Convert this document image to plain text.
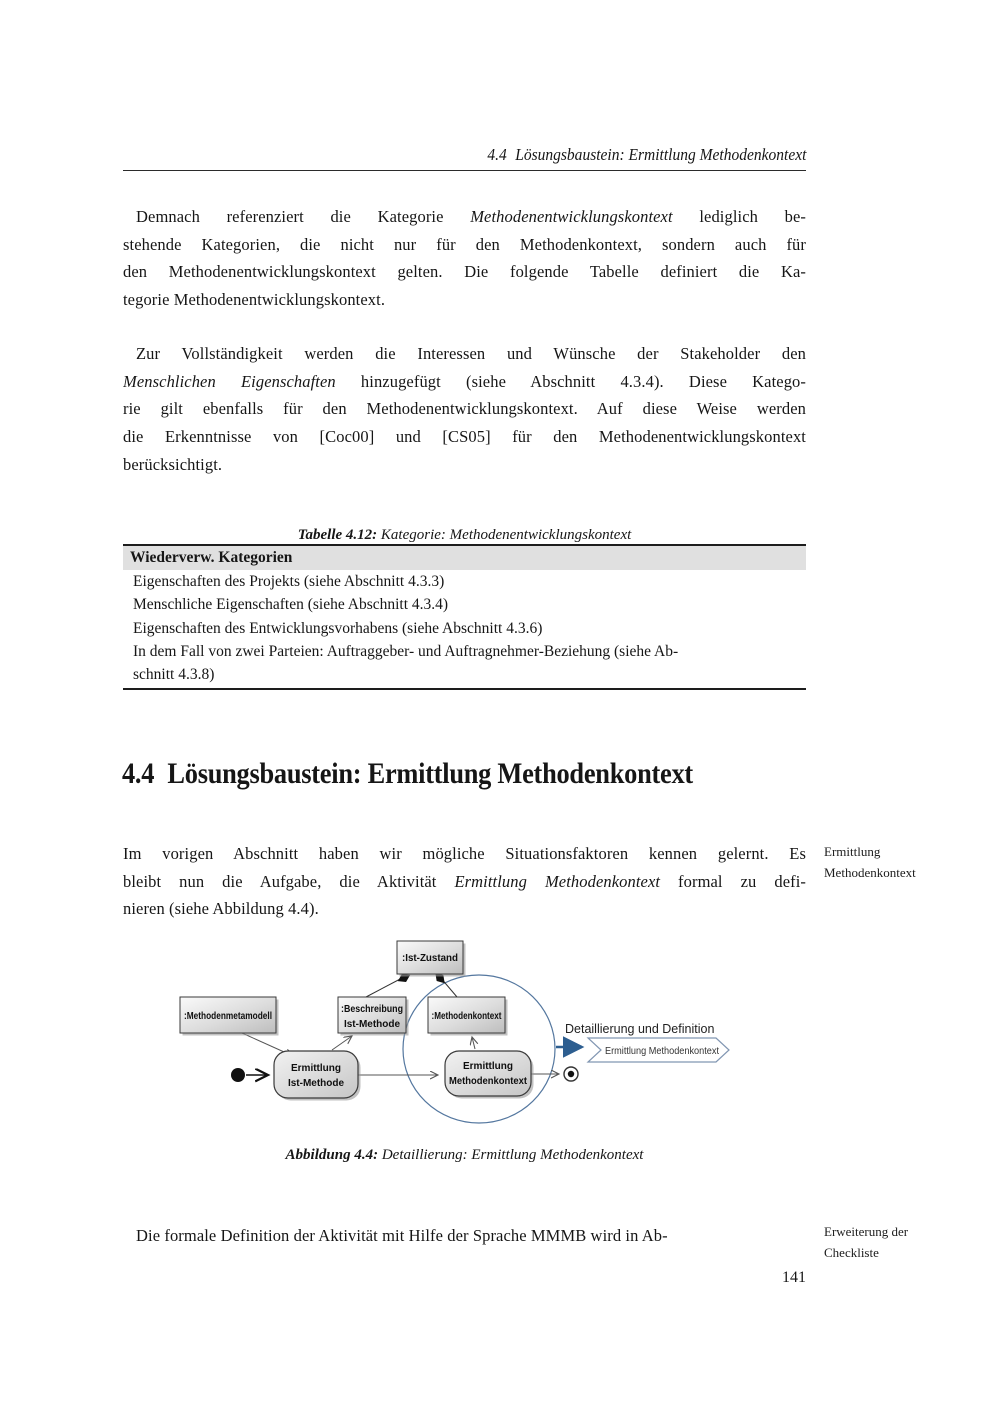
4.4 Lösungsbaustein: Ermittlung Methodenkontext
Demnach referenziert die Kategorie Methodenentwicklungskontext lediglich be-
stehende Kategorien, die nicht nur für den Methodenkontext, sondern auch für
den Methodenentwicklungskontext gelten. Die folgende Tabelle definiert die Ka-
tegorie Methodenentwicklungskontext.
Zur Vollständigkeit werden die Interessen und Wünsche der Stakeholder den
Menschlichen Eigenschaften hinzugefügt (siehe Abschnitt 4.3.4). Diese Katego-
rie gilt ebenfalls für den Methodenentwicklungskontext. Auf diese Weise werden
die Erkenntnisse von [Coc00] und [CS05] für den Methodenentwicklungskontext
berücksichtigt.
Tabelle 4.12: Kategorie: Methodenentwicklungskontext
Wiederverw. Kategorien
Eigenschaften des Projekts (siehe Abschnitt 4.3.3)
Menschliche Eigenschaften (siehe Abschnitt 4.3.4)
Eigenschaften des Entwicklungsvorhabens (siehe Abschnitt 4.3.6)
In dem Fall von zwei Parteien: Auftraggeber- und Auftragnehmer-Beziehung (siehe Ab-
schnitt 4.3.8)
4.4 Lösungsbaustein: Ermittlung Methodenkontext
Im vorigen Abschnitt haben wir mögliche Situationsfaktoren kennen gelernt. Es
bleibt nun die Aufgabe, die Aktivität Ermittlung Methodenkontext formal zu defi-
nieren (siehe Abbildung 4.4).
Ermittlung
Methodenkontext
:Ist-Zustand
:Methodenmetamodell
:Beschreibung
Ist-Methode
:Methodenkontext
Ermittlung
Ist-Methode
Ermittlung
Methodenkontext
Detaillierung und Definition
Ermittlung Methodenkontext
Abbildung 4.4: Detaillierung: Ermittlung Methodenkontext
Die formale Definition der Aktivität mit Hilfe der Sprache MMMB wird in Ab-	Erweiterung der
Checkliste
141
